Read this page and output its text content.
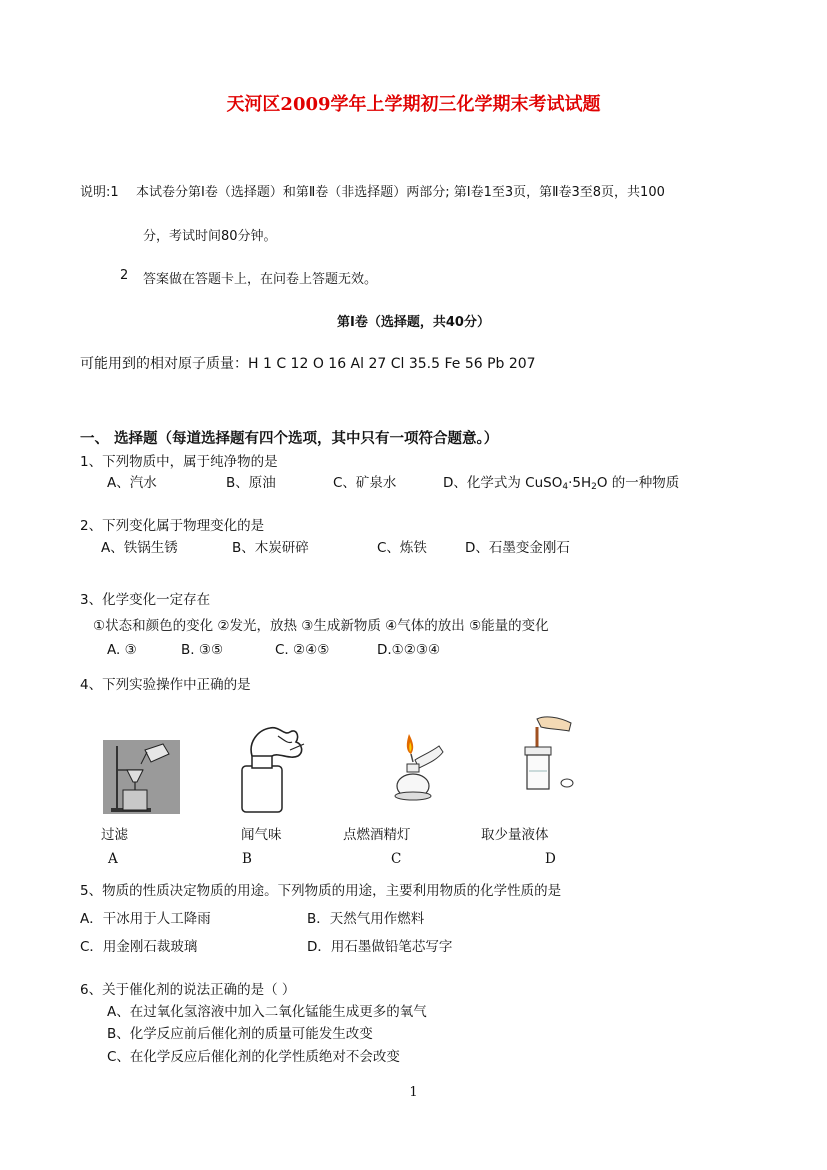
天河区2009学年上学期初三化学期末考试试题
说明:1 本试卷分第Ⅰ卷（选择题）和第Ⅱ卷（非选择题）两部分; 第Ⅰ卷1至3页，第Ⅱ卷3至8页，共100
分，考试时间80分钟。
2 答案做在答题卡上，在问卷上答题无效。
第Ⅰ卷（选择题，共40分）
可能用到的相对原子质量：H 1 C 12 O 16 Al 27 Cl 35.5 Fe 56 Pb 207
一、 选择题（每道选择题有四个选项，其中只有一项符合题意。）
1、下列物质中，属于纯净物的是
A、汽水	B、原油	C、矿泉水	D、化学式为 $CuSO_4\cdot 5H_2O$ 的一种物质
2、下列变化属于物理变化的是
A、铁锅生锈	B、木炭研碎	C、炼铁	D、石墨变金刚石
3、化学变化一定存在
①状态和颜色的变化 ②发光，放热 ③生成新物质 ④气体的放出 ⑤能量的变化
A. ③	B. ③⑤	C. ②④⑤	D.①②③④
4、下列实验操作中正确的是
过滤	闻气味	点燃酒精灯	取少量液体
A	B	C	D
5、物质的性质决定物质的用途。下列物质的用途，主要利用物质的化学性质的是
A．干冰用于人工降雨	B．天然气用作燃料
C．用金刚石裁玻璃	D．用石墨做铅笔芯写字
6、关于催化剂的说法正确的是（ ）
A、在过氧化氢溶液中加入二氧化锰能生成更多的氧气
B、化学反应前后催化剂的质量可能发生改变
C、在化学反应后催化剂的化学性质绝对不会改变
1
